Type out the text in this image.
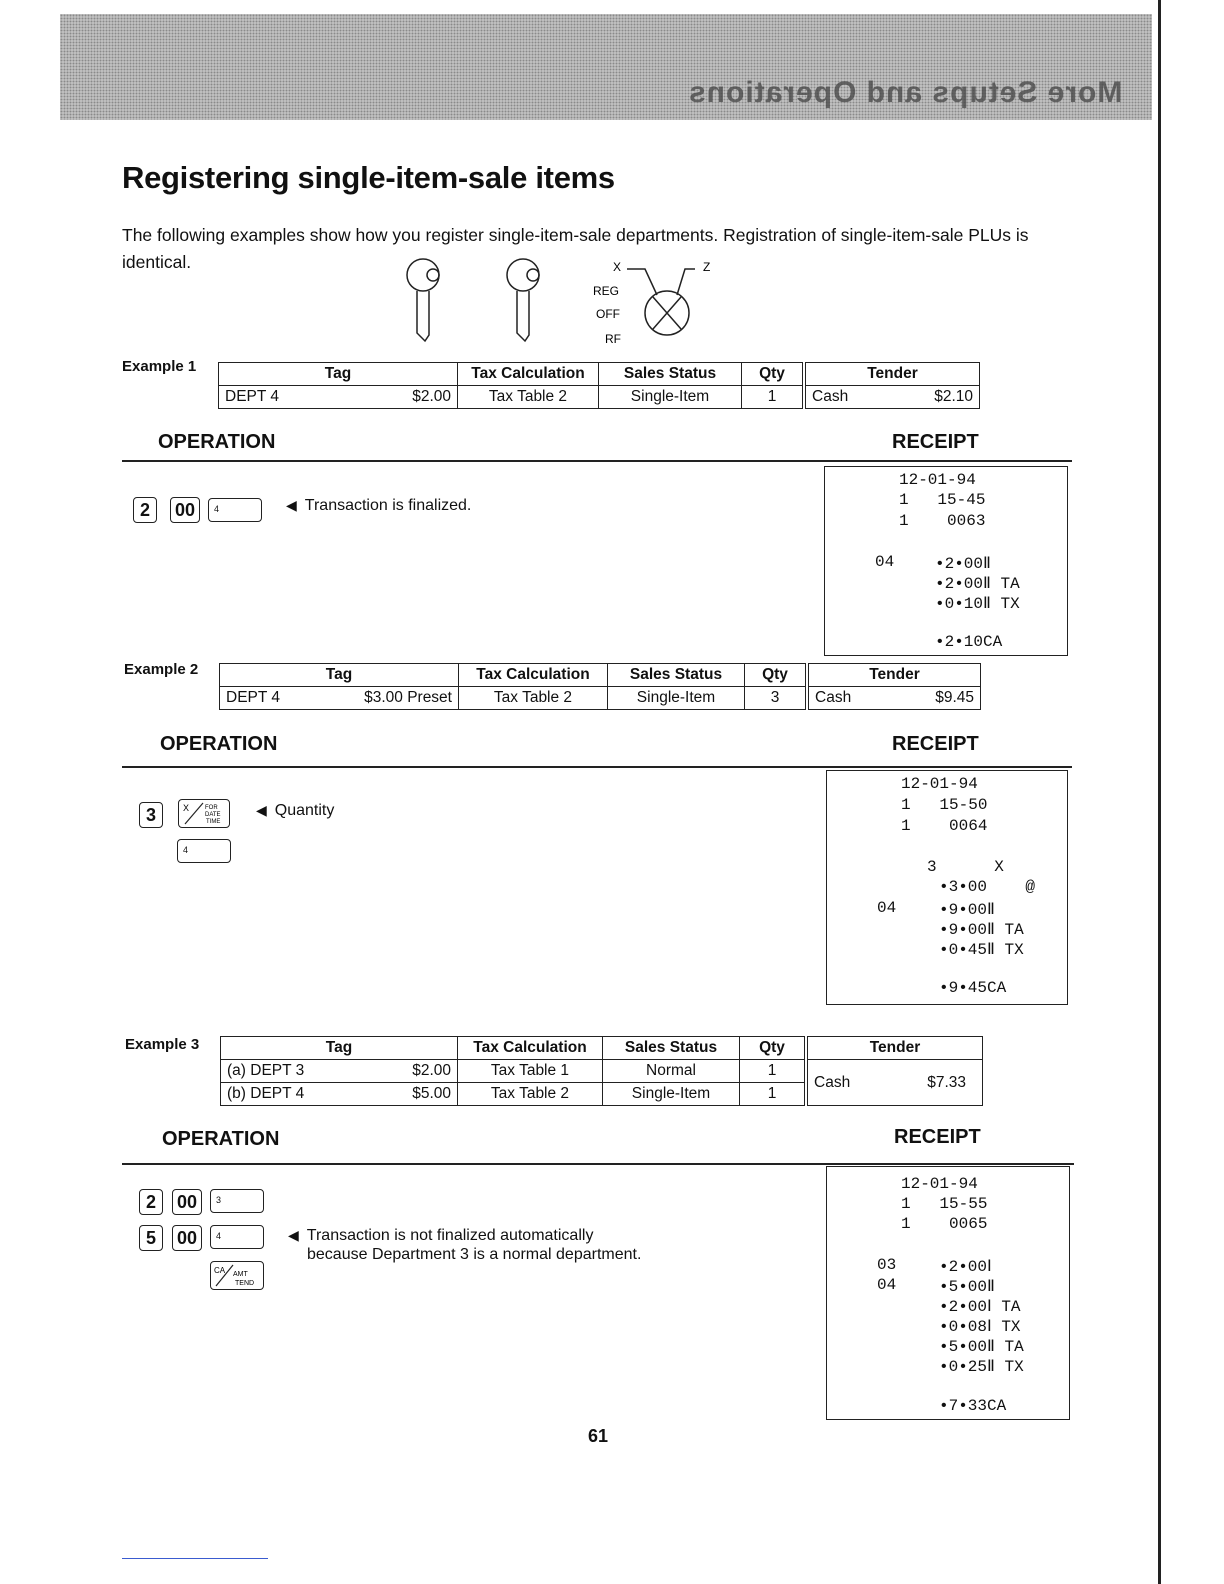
More Setups and Operations
Registering single-item-sale items
The following examples show how you register single-item-sale departments. Registration of single-item-sale PLUs is identical.	X	Z
REG
OFF
RF
Example 1	Tag	Tax Calculation	Sales Status	Qty	Tender
DEPT 4 $2.00	Tax Table 2	Single-Item	1	Cash $2.10
OPERATION	RECEIPT
2	00	4	◀ Transaction is finalized.
12-01-94
1   15-45
1    0063
04	•2•00Ⅱ
•2•00Ⅱ TA
•0•10Ⅱ TX
•2•10CA
Example 2	Tag	Tax Calculation	Sales Status	Qty	Tender
DEPT 4 $3.00 Preset	Tax Table 2	Single-Item	3	Cash $9.45
OPERATION	RECEIPT
3	X	FOR
DATE
TIME
4
◀ Quantity
12-01-94
1   15-50
1    0064
3      X
•3•00    @
04	•9•00Ⅱ
•9•00Ⅱ TA
•0•45Ⅱ TX
•9•45CA
Example 3	Tag	Tax Calculation	Sales Status	Qty	Tender
(a) DEPT 3 $2.00	Tax Table 1	Normal	1	Cash $7.33

(b) DEPT 4 $5.00	Tax Table 2	Single-Item	1	
OPERATION	RECEIPT
2	00	3
5	00	4
CA AMT
TEND
◀ Transaction is not finalized automatically
because Department 3 is a normal department.
12-01-94
1   15-55
1    0065
03	•2•00Ⅰ
04	•5•00Ⅱ
•2•00Ⅰ TA
•0•08Ⅰ TX
•5•00Ⅱ TA
•0•25Ⅱ TX
•7•33CA
61
